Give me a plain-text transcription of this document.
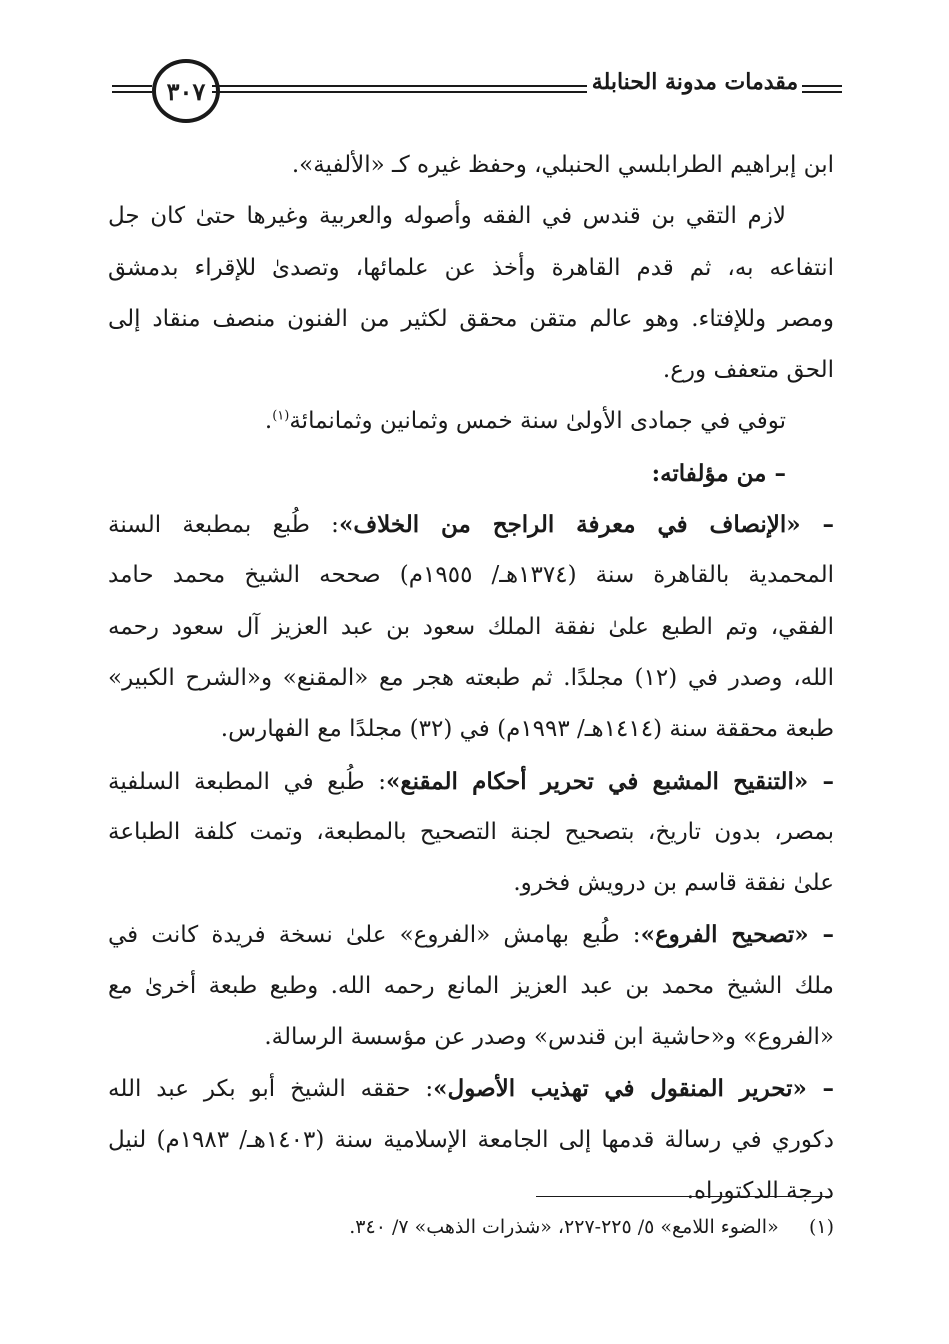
٣٠٧	مقدمات مدونة الحنابلة
ابن إبراهيم الطرابلسي الحنبلي، وحفظ غيره كـ «الألفية».
لازم التقي بن قندس في الفقه وأصوله والعربية وغيرها حتىٰ كان جل
انتفاعه به، ثم قدم القاهرة وأخذ عن علمائها، وتصدىٰ للإقراء بدمشق
ومصر وللإفتاء. وهو عالم متقن محقق لكثير من الفنون منصف منقاد إلى
الحق متعفف ورع.
توفي في جمادى الأولىٰ سنة خمس وثمانين وثمانمائة$^{(١)}$.
– من مؤلفاته:
– «الإنصاف في معرفة الراجح من الخلاف»: طُبع بمطبعة السنة
المحمدية بالقاهرة سنة (١٣٧٤هـ/ ١٩٥٥م) صححه الشيخ محمد حامد
الفقي، وتم الطبع علىٰ نفقة الملك سعود بن عبد العزيز آل سعود رحمه
الله، وصدر في (١٢) مجلدًا. ثم طبعته هجر مع «المقنع» و«الشرح الكبير»
طبعة محققة سنة (١٤١٤هـ/ ١٩٩٣م) في (٣٢) مجلدًا مع الفهارس.
– «التنقيح المشبع في تحرير أحكام المقنع»: طُبع في المطبعة السلفية
بمصر، بدون تاريخ، بتصحيح لجنة التصحيح بالمطبعة، وتمت كلفة الطباعة
علىٰ نفقة قاسم بن درويش فخرو.
– «تصحيح الفروع»: طُبع بهامش «الفروع» علىٰ نسخة فريدة كانت في
ملك الشيخ محمد بن عبد العزيز المانع رحمه الله. وطبع طبعة أخرىٰ مع
«الفروع» و«حاشية ابن قندس» وصدر عن مؤسسة الرسالة.
– «تحرير المنقول في تهذيب الأصول»: حققه الشيخ أبو بكر عبد الله
دكوري في رسالة قدمها إلى الجامعة الإسلامية سنة (١٤٠٣هـ/ ١٩٨٣م) لنيل
درجة الدكتوراه.
(١)     «الضوء اللامع» ٥/ ٢٢٥-٢٢٧، «شذرات الذهب» ٧/ ٣٤٠.
